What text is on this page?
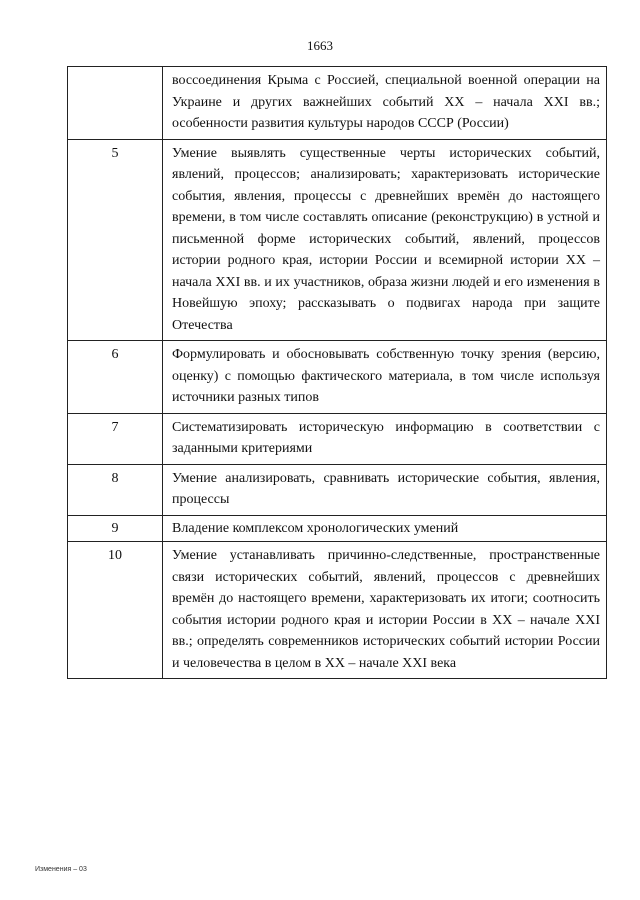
1663
	воссоединения Крыма с Россией, специальной военной операции на Украине и других важнейших событий XX – начала XXI вв.; особенности развития культуры народов СССР (России)
5	Умение выявлять существенные черты исторических событий, явлений, процессов; анализировать; характеризовать исторические события, явления, процессы с древнейших времён до настоящего времени, в том числе составлять описание (реконструкцию) в устной и письменной форме исторических событий, явлений, процессов истории родного края, истории России и всемирной истории XX – начала XXI вв. и их участников, образа жизни людей и его изменения в Новейшую эпоху; рассказывать о подвигах народа при защите Отечества
6	Формулировать и обосновывать собственную точку зрения (версию, оценку) с помощью фактического материала, в том числе используя источники разных типов
7	Систематизировать историческую информацию в соответствии с заданными критериями
8	Умение анализировать, сравнивать исторические события, явления, процессы
9	Владение комплексом хронологических умений
10	Умение устанавливать причинно-следственные, пространственные связи исторических событий, явлений, процессов с древнейших времён до настоящего времени, характеризовать их итоги; соотносить события истории родного края и истории России в XX – начале XXI вв.; определять современников исторических событий истории России и человечества в целом в XX – начале XXI века
Изменения – 03
